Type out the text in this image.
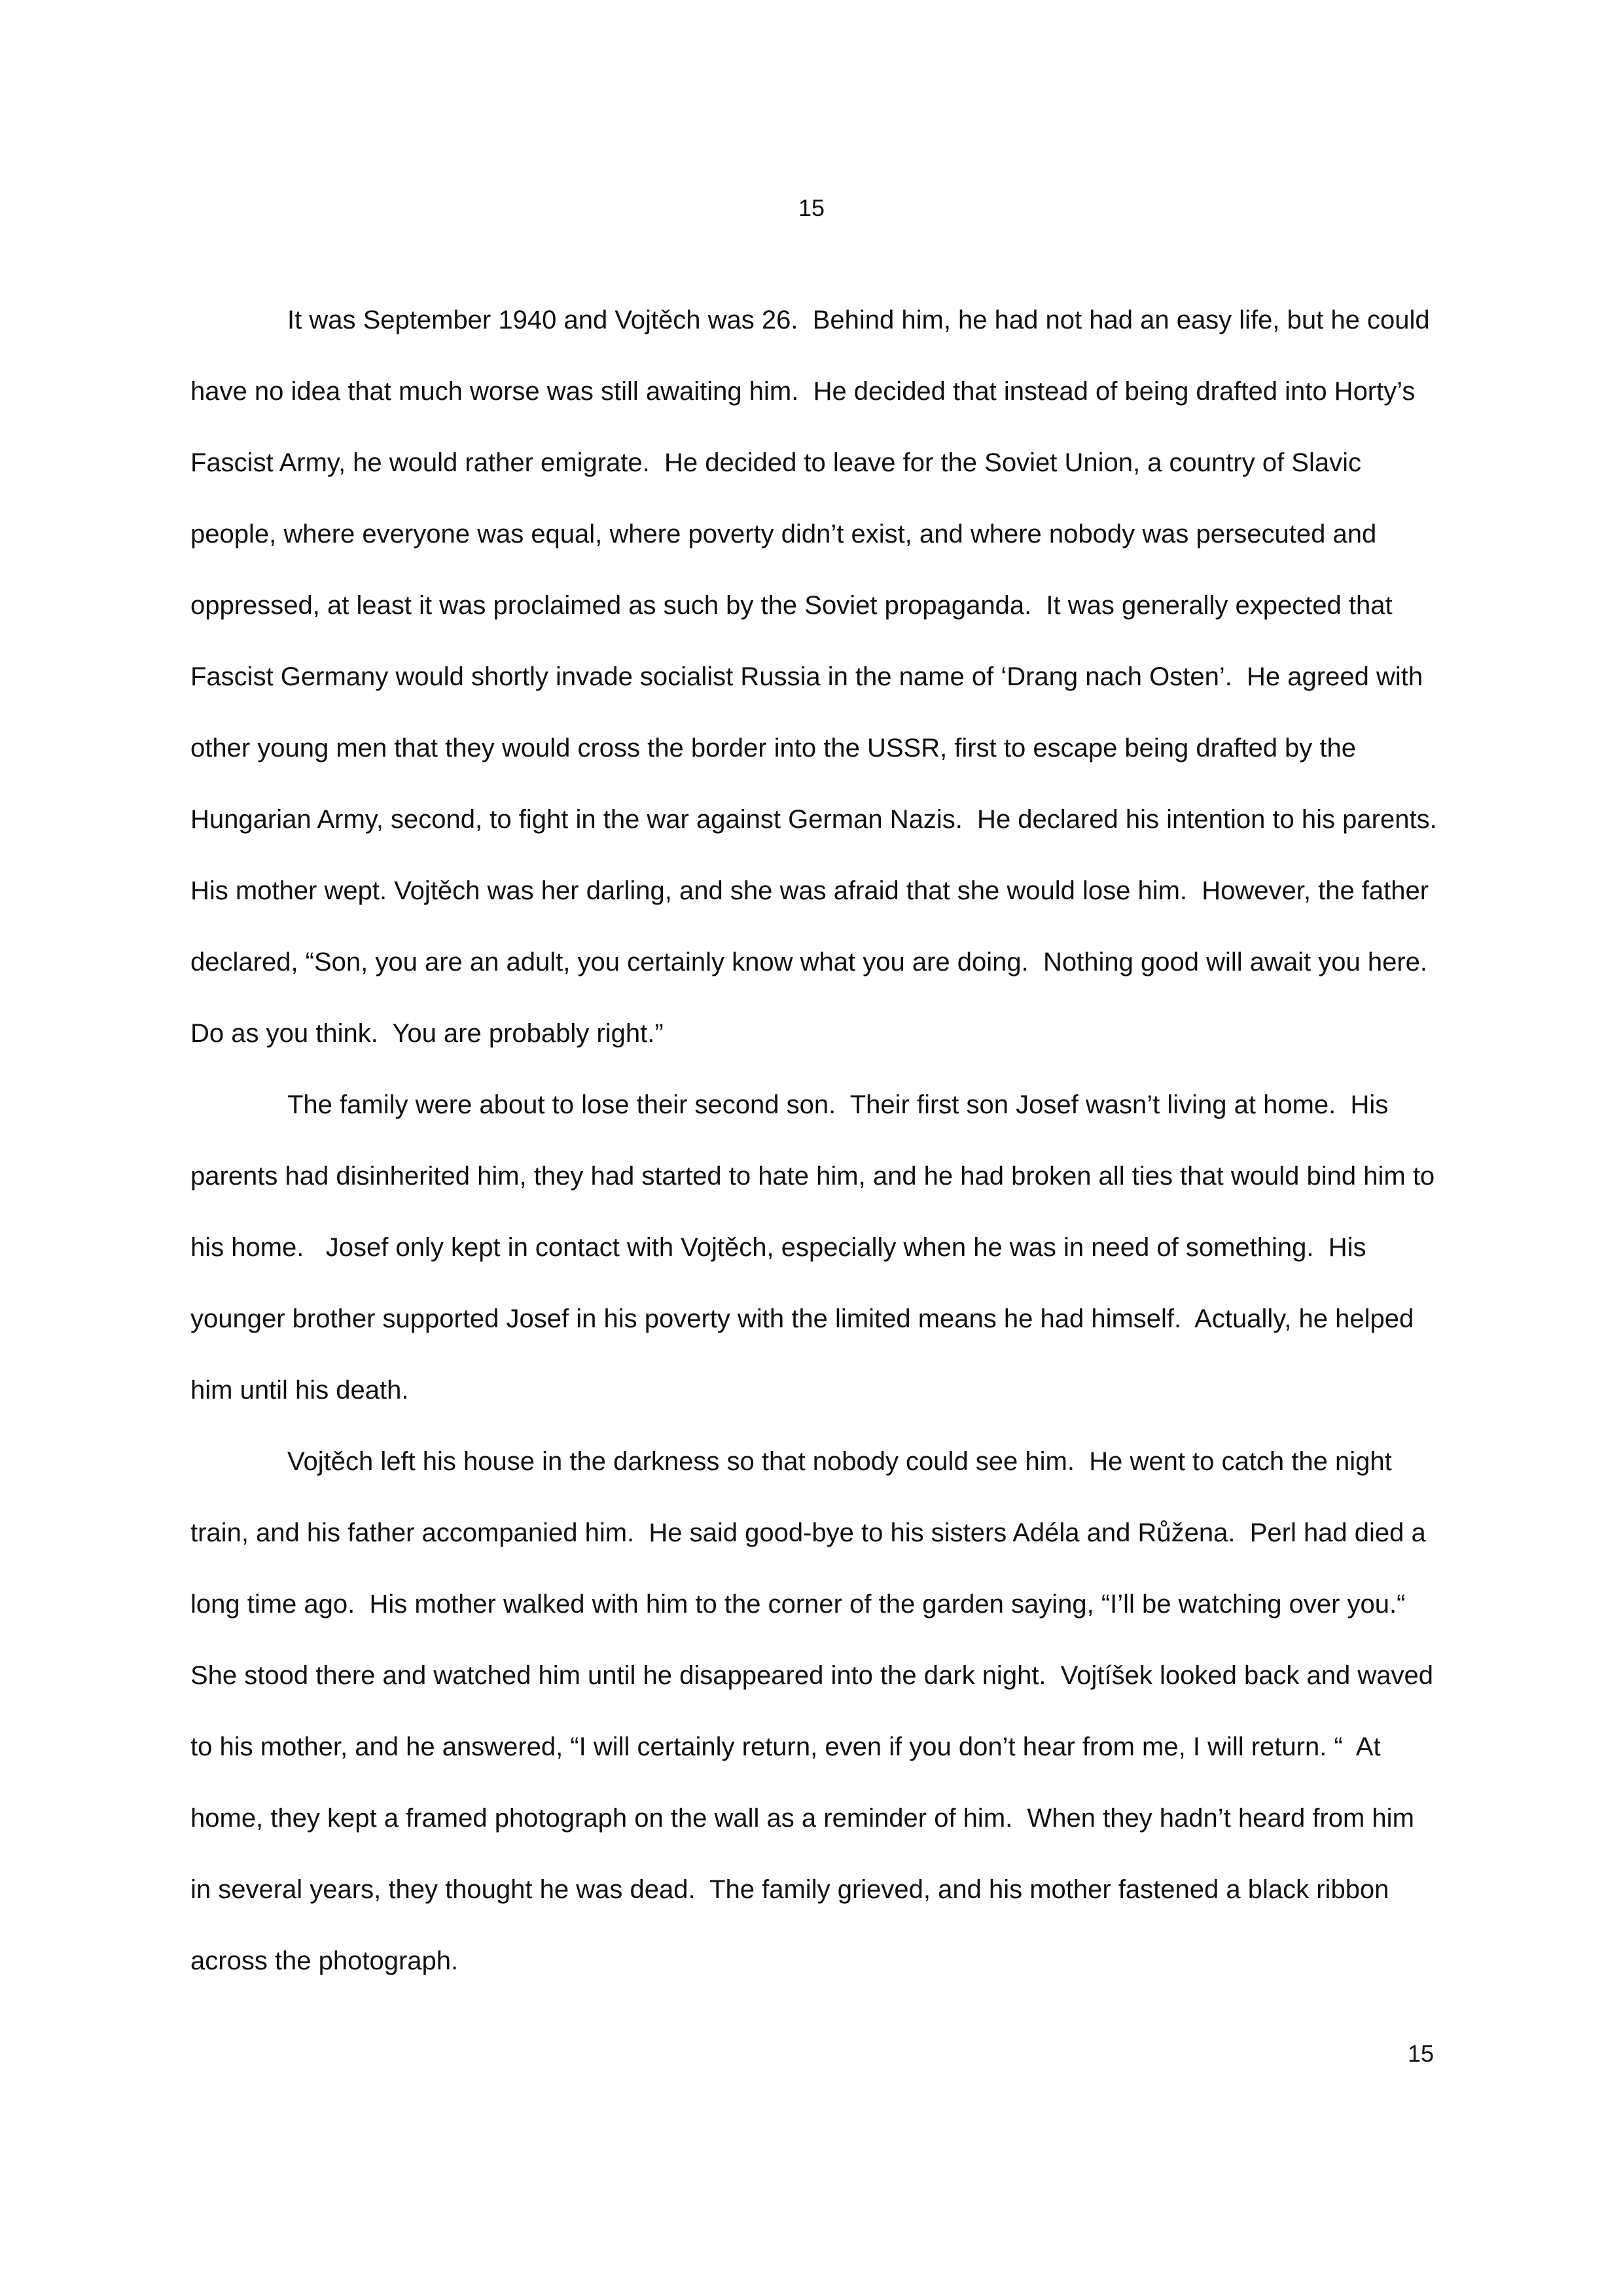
15

It was September 1940 and Vojtěch was 26.  Behind him, he had not had an easy life, but he could have no idea that much worse was still awaiting him.  He decided that instead of being drafted into Horty’s Fascist Army, he would rather emigrate.  He decided to leave for the Soviet Union, a country of Slavic people, where everyone was equal, where poverty didn’t exist, and where nobody was persecuted and oppressed, at least it was proclaimed as such by the Soviet propaganda.  It was generally expected that Fascist Germany would shortly invade socialist Russia in the name of ‘Drang nach Osten’.  He agreed with other young men that they would cross the border into the USSR, first to escape being drafted by the Hungarian Army, second, to fight in the war against German Nazis.  He declared his intention to his parents.  His mother wept. Vojtěch was her darling, and she was afraid that she would lose him.  However, the father declared, “Son, you are an adult, you certainly know what you are doing.  Nothing good will await you here.  Do as you think.  You are probably right.”

The family were about to lose their second son.  Their first son Josef wasn’t living at home.  His parents had disinherited him, they had started to hate him, and he had broken all ties that would bind him to his home.   Josef only kept in contact with Vojtěch, especially when he was in need of something.  His younger brother supported Josef in his poverty with the limited means he had himself.  Actually, he helped him until his death.

Vojtěch left his house in the darkness so that nobody could see him.  He went to catch the night train, and his father accompanied him.  He said good-bye to his sisters Adéla and Růžena.  Perl had died a long time ago.  His mother walked with him to the corner of the garden saying, “I’ll be watching over you.“  She stood there and watched him until he disappeared into the dark night.  Vojtíšek looked back and waved to his mother, and he answered, “I will certainly return, even if you don’t hear from me, I will return. “  At home, they kept a framed photograph on the wall as a reminder of him.  When they hadn’t heard from him in several years, they thought he was dead.  The family grieved, and his mother fastened a black ribbon across the photograph.

15
